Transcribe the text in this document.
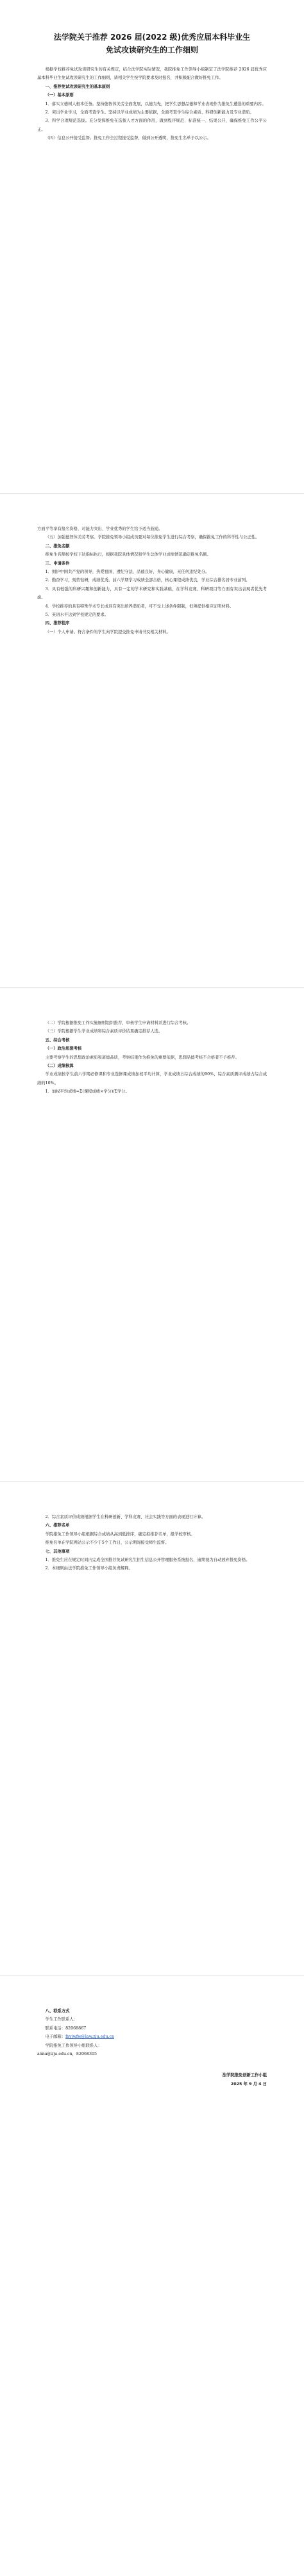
法学院关于推荐 2026 届(2022 级)优秀应届本科毕业生
免试攻读研究生的工作细则

根据学校推荐免试攻读研究生的有关规定，结合法学院实际情况，我院推免工作领导小组制定了法学院推荐 2026 届优秀应届本科毕业生免试攻读研究生的工作细则，请相关学生按学院要求及时报名，并积极配合做好推免工作。

一、推荐免试攻读研究生的基本原则

（一）基本原则

1．落实立德树人根本任务。坚持德智体美劳全面发展，以德为先，把学生思想品德和学业表现作为推免生遴选的重要内容。

2．突出学业学习，全面考查学生。坚持以学业成绩为主要依据，全面考查学生综合素质、科研创新能力及专业潜质。

3．科学合理规范选拔。充分发挥推免在选拔人才方面的作用，做到程序规范、标准统一、结果公开，确保推免工作公平公正。

（四）信息公开接受监督。推免工作全过程接受监督，做到公开透明，推免生名单予以公示。

方面平等享有报名资格，对能力突出、学业优秀的学生给予适当鼓励。

（五）加强德智体美劳考察。学院推免领导小组成员要对每位推免学生进行综合考察，确保推免工作的科学性与公正性。

二、推免名额

推免生名额按学校下达指标执行，根据我院具体情况和学生总体学业成绩情况确定推免名额。

三、申请条件

1．拥护中国共产党的领导，热爱祖国，遵纪守法，品德良好，身心健康，无任何违纪处分。

2．勤奋学习，刻苦钻研，成绩优秀。前六学期学习成绩全部合格，核心课程成绩优良，学业综合排名居专业前列。

3．具有较强的科研兴趣和创新能力，具有一定的学术研究和实践基础，在学科竞赛、科研项目等方面有突出表现者优先考虑。

4．学校推荐的具有特殊学术专长或具有突出培养潜质者，可不受上述条件限制，但须提供相应证明材料。

5．英语水平达到学校规定的要求。

四、推荐程序

（一）个人申请。符合条件的学生向学院提交推免申请书及相关材料。

（二）学院根据推免工作实施细则组织推荐，审核学生申请材料并进行综合考核。

（三）学院根据学生学业成绩和综合素质评价结果确定推荐人选。

五、综合考核

（一）政治思想考核

主要考察学生的思想政治素质和道德品质，考察结果作为推免的重要依据，思想品德考核不合格者不予推荐。

（二）成绩核算

学业成绩按学生前六学期必修课和专业选修课成绩加权平均计算，学业成绩占综合成绩的90%，综合素质测评成绩占综合成绩的10%。

1．加权平均成绩=Σ(课程成绩×学分)/Σ学分。

2．综合素质评价成绩根据学生在科研创新、学科竞赛、社会实践等方面的表现进行计算。

六、推荐名单

学院推免工作领导小组根据综合成绩从高到低排序，确定拟推荐名单，报学校审核。

推免名单在学院网站公示不少于5个工作日，公示期间接受师生监督。

七、其他事项

1．推免生应在规定时间内完成全国推荐免试研究生招生信息公开管理服务系统报名，逾期视为自动放弃推免资格。

2．本细则由法学院推免工作领导小组负责解释。

八、联系方式

学生工作联系人：

联系电话：82068867

电子邮箱：fxyjwfw@law.zju.edu.cn

学院推免工作领导小组联系人：

anna@zju.edu.cn，82068305

法学院推免创新工作小组

2025 年 9 月 4 日
